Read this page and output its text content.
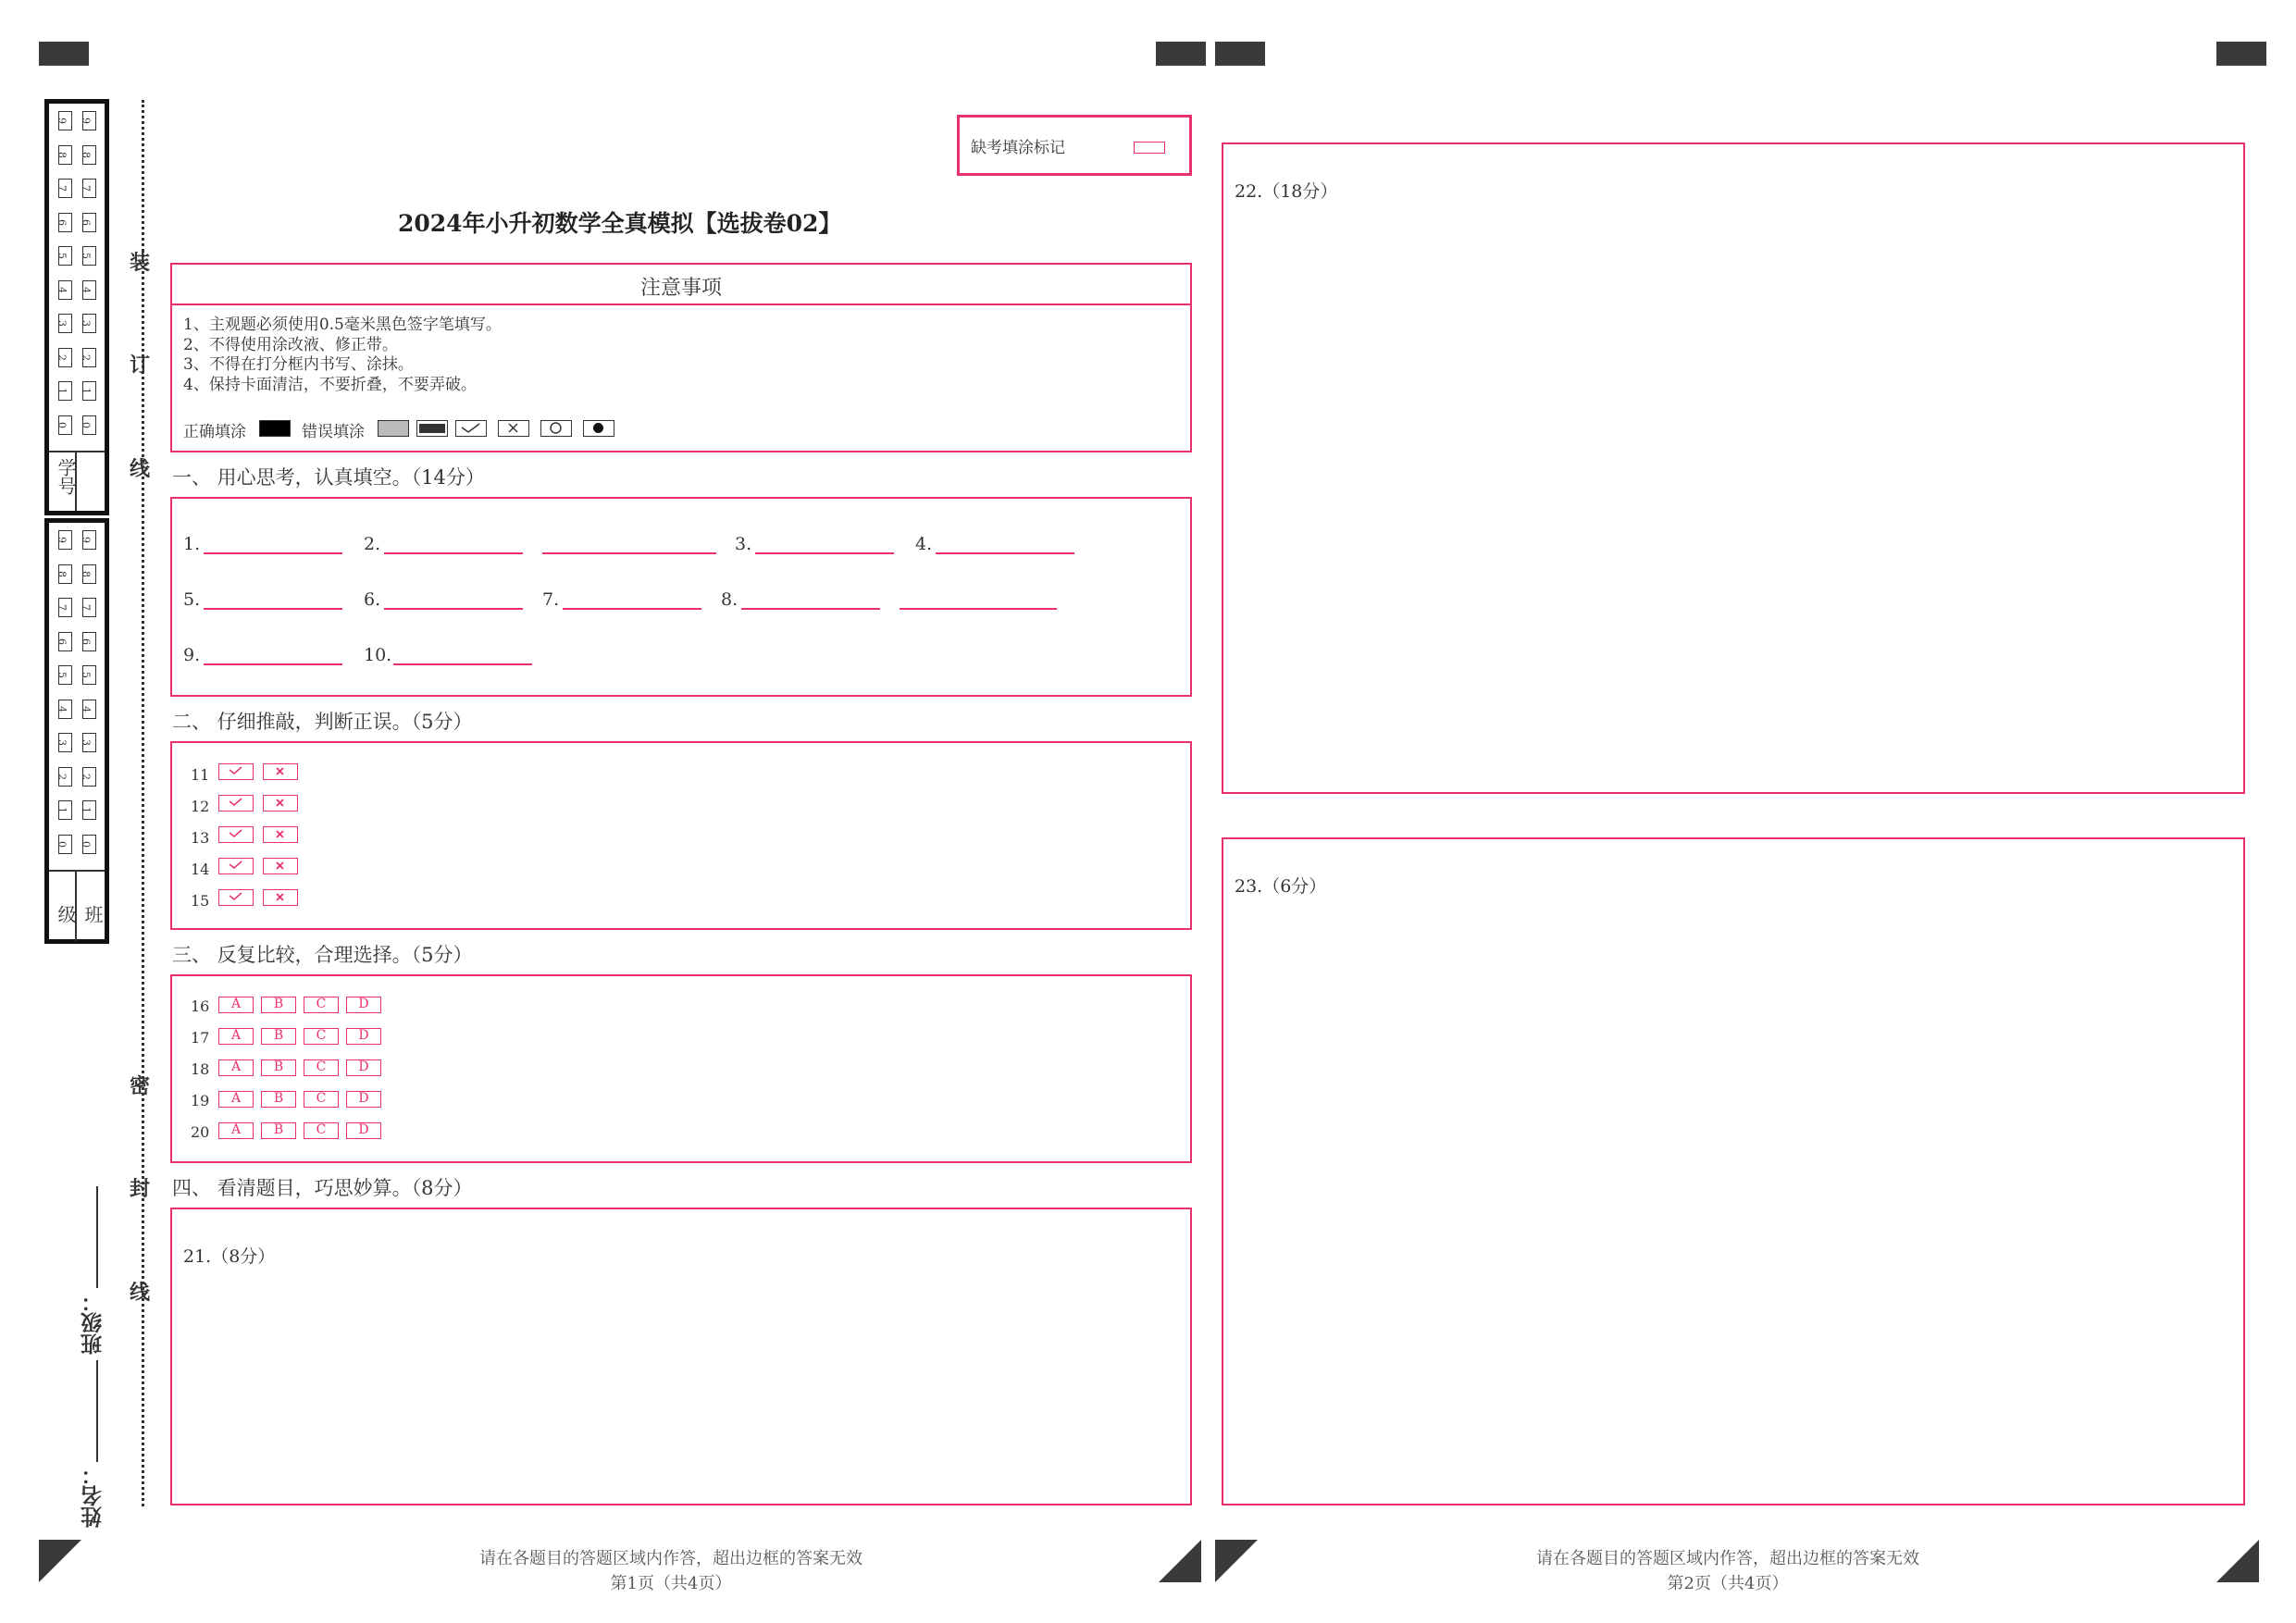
9
8
7
6
5
4
3
2
1
0
9
8
7
6
5
4
3
2
1
0
学号
9
8
7
6
5
4
3
2
1
0
9
8
7
6
5
4
3
2
1
0
班级
装
订
线
密
封
线
班级：
姓名：
缺考填涂标记
2024年小升初数学全真模拟【选拔卷02】
注意事项
1、主观题必须使用0.5毫米黑色签字笔填写。
2、不得使用涂改液、修正带。
3、不得在打分框内书写、涂抹。
4、保持卡面清洁，不要折叠，不要弄破。
正确填涂	错误填涂
一、 用心思考，认真填空。（14分）
1.	2.	3.	4.
5.	6.	7.	8.
9.	10.
二、 仔细推敲，判断正误。（5分）
11
12
13
14
15
三、 反复比较，合理选择。（5分）
16	A	B	C	D
17	A	B	C	D
18	A	B	C	D
19	A	B	C	D
20	A	B	C	D
四、 看清题目，巧思妙算。（8分）
21.（8分）
22.（18分）
23.（6分）
请在各题目的答题区域内作答，超出边框的答案无效
第1页（共4页）
请在各题目的答题区域内作答，超出边框的答案无效
第2页（共4页）
